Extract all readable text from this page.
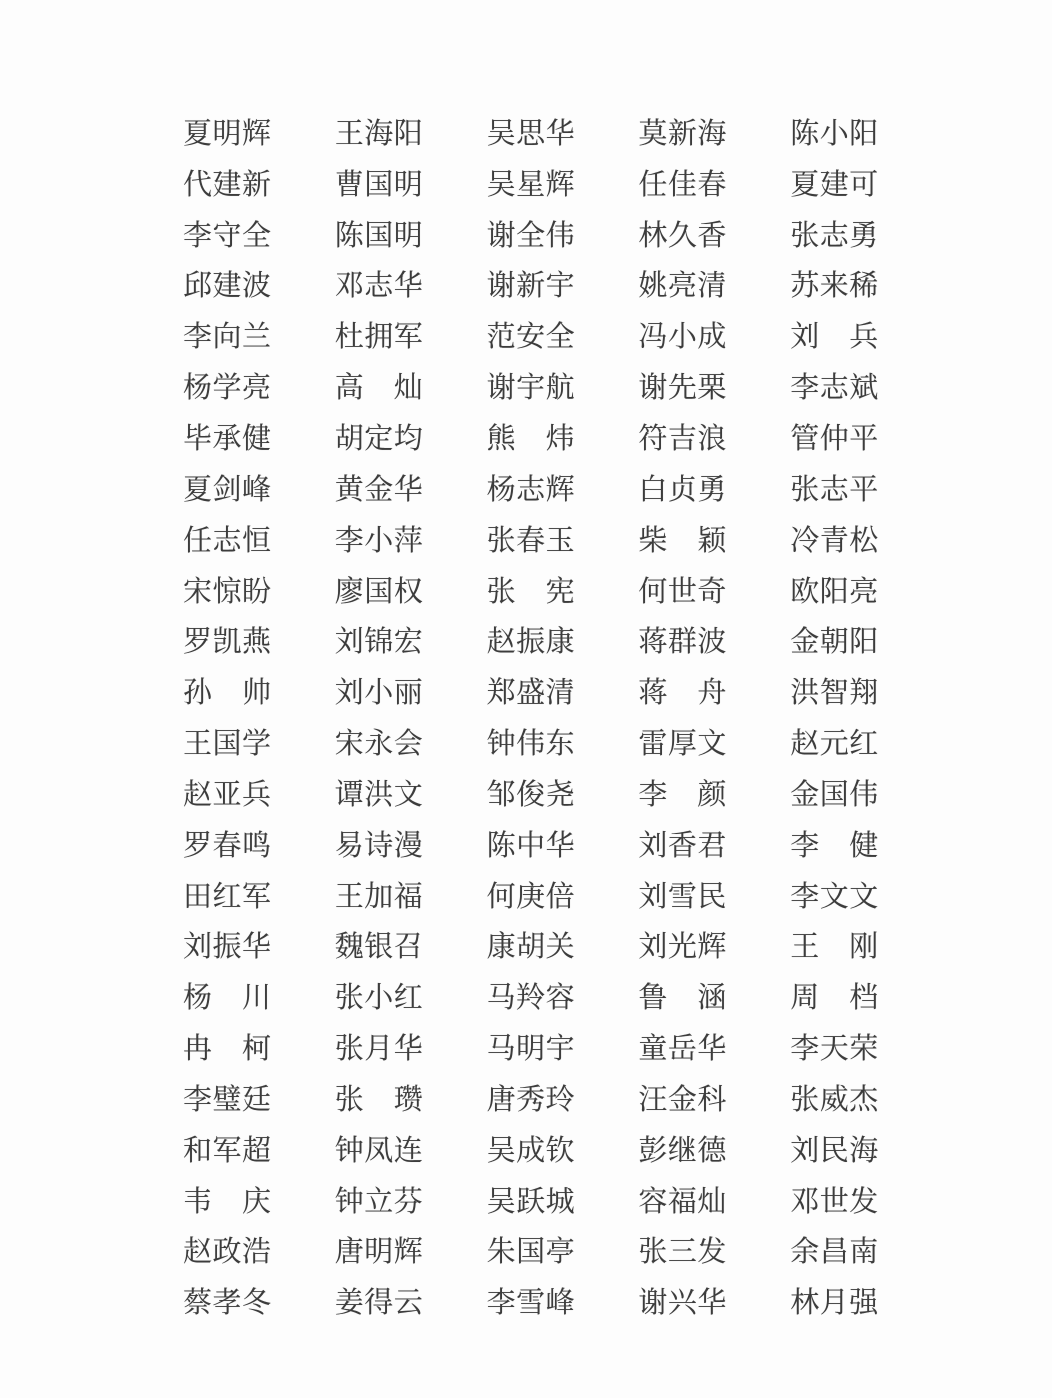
夏明辉	王海阳	吴思华	莫新海	陈小阳
代建新	曹国明	吴星辉	任佳春	夏建可
李守全	陈国明	谢全伟	林久香	张志勇
邱建波	邓志华	谢新宇	姚亮清	苏来稀
李向兰	杜拥军	范安全	冯小成	刘　兵
杨学亮	高　灿	谢宇航	谢先栗	李志斌
毕承健	胡定均	熊　炜	符吉浪	管仲平
夏剑峰	黄金华	杨志辉	白贞勇	张志平
任志恒	李小萍	张春玉	柴　颖	冷青松
宋惊盼	廖国权	张　宪	何世奇	欧阳亮
罗凯燕	刘锦宏	赵振康	蒋群波	金朝阳
孙　帅	刘小丽	郑盛清	蒋　舟	洪智翔
王国学	宋永会	钟伟东	雷厚文	赵元红
赵亚兵	谭洪文	邹俊尧	李　颜	金国伟
罗春鸣	易诗漫	陈中华	刘香君	李　健
田红军	王加福	何庚倍	刘雪民	李文文
刘振华	魏银召	康胡关	刘光辉	王　刚
杨　川	张小红	马羚容	鲁　涵	周　档
冉　柯	张月华	马明宇	童岳华	李天荣
李璧廷	张　瓒	唐秀玲	汪金科	张威杰
和军超	钟凤连	吴成钦	彭继德	刘民海
韦　庆	钟立芬	吴跃城	容福灿	邓世发
赵政浩	唐明辉	朱国亭	张三发	余昌南
蔡孝冬	姜得云	李雪峰	谢兴华	林月强
